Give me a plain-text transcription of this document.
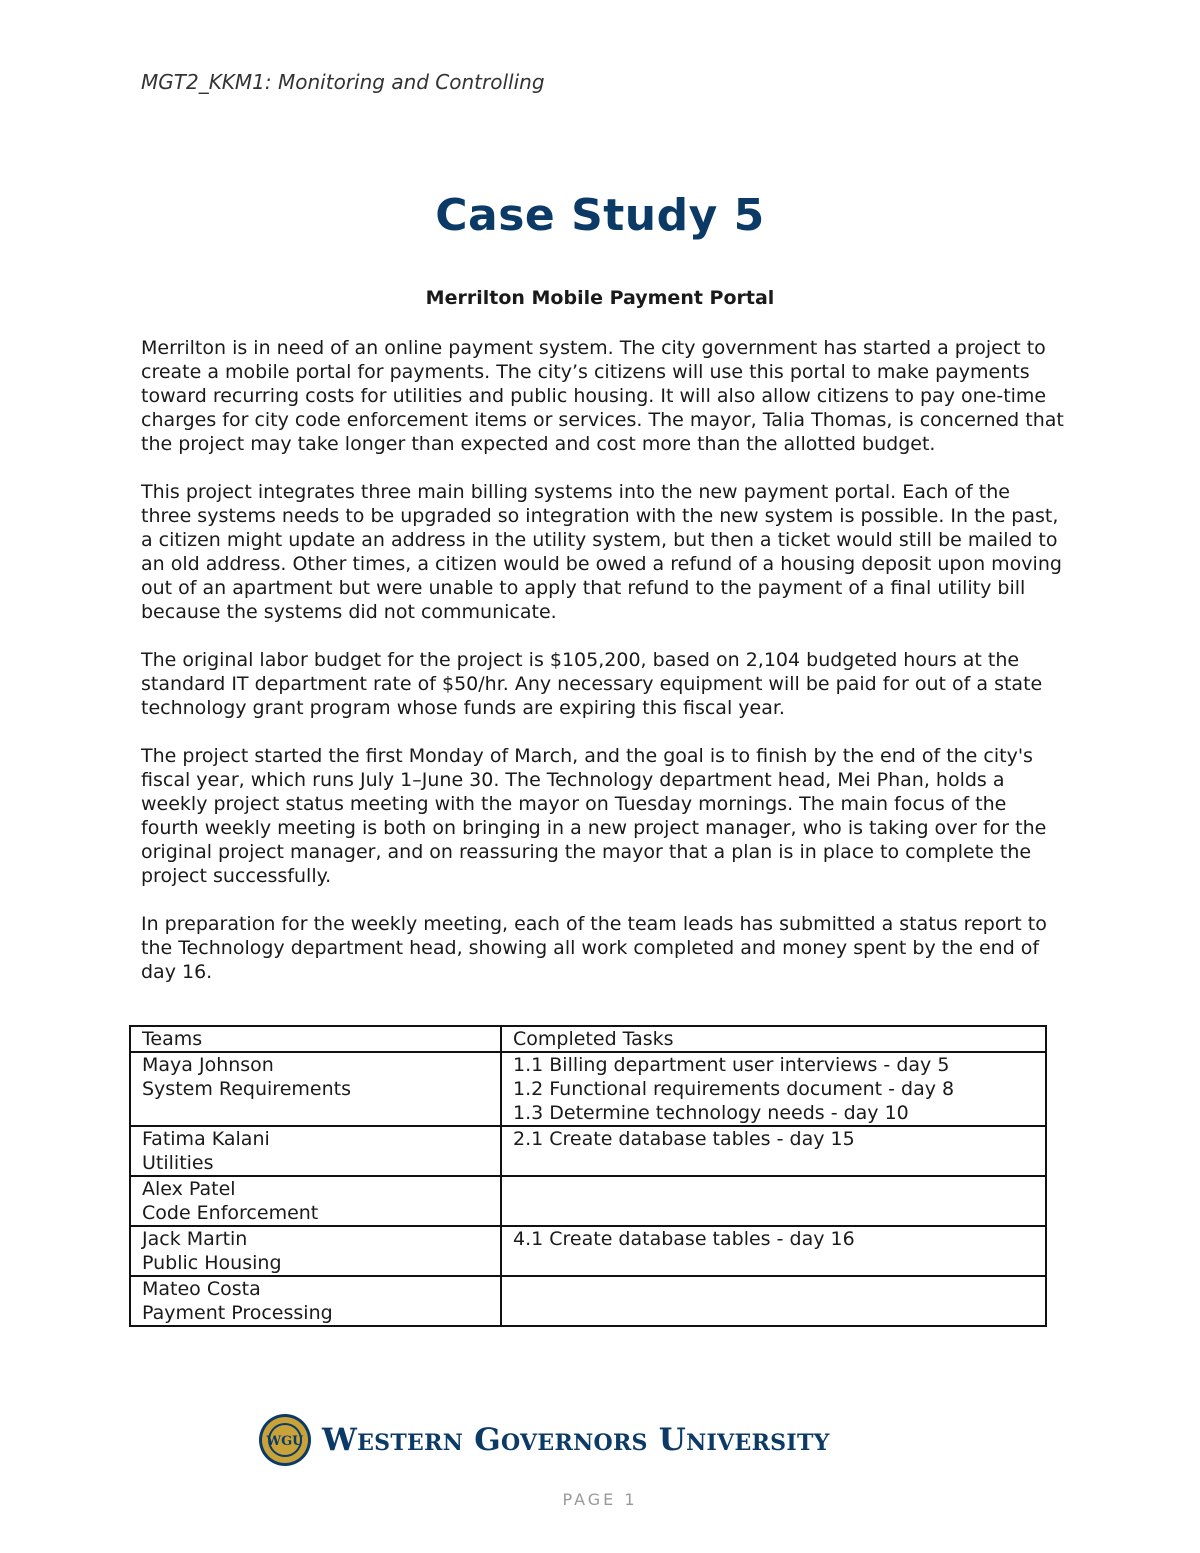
MGT2_KKM1: Monitoring and Controlling
Case Study 5
Merrilton Mobile Payment Portal

Merrilton is in need of an online payment system. The city government has started a project to create a mobile portal for payments. The city’s citizens will use this portal to make payments toward recurring costs for utilities and public housing. It will also allow citizens to pay one-time charges for city code enforcement items or services. The mayor, Talia Thomas, is concerned that the project may take longer than expected and cost more than the allotted budget.

This project integrates three main billing systems into the new payment portal. Each of the three systems needs to be upgraded so integration with the new system is possible. In the past, a citizen might update an address in the utility system, but then a ticket would still be mailed to an old address. Other times, a citizen would be owed a refund of a housing deposit upon moving out of an apartment but were unable to apply that refund to the payment of a final utility bill because the systems did not communicate.

The original labor budget for the project is $105,200, based on 2,104 budgeted hours at the standard IT department rate of $50/hr. Any necessary equipment will be paid for out of a state technology grant program whose funds are expiring this fiscal year.

The project started the first Monday of March, and the goal is to finish by the end of the city's fiscal year, which runs July 1–June 30. The Technology department head, Mei Phan, holds a weekly project status meeting with the mayor on Tuesday mornings. The main focus of the fourth weekly meeting is both on bringing in a new project manager, who is taking over for the original project manager, and on reassuring the mayor that a plan is in place to complete the project successfully.

In preparation for the weekly meeting, each of the team leads has submitted a status report to the Technology department head, showing all work completed and money spent by the end of day 16.

Teams	Completed Tasks

Maya Johnson
System Requirements	1.1 Billing department user interviews - day 5
1.2 Functional requirements document - day 8
1.3 Determine technology needs - day 10

Fatima Kalani
Utilities	2.1 Create database tables - day 15

Alex Patel
Code Enforcement	

Jack Martin
Public Housing	4.1 Create database tables - day 16

Mateo Costa
Payment Processing	

WGU Western Governors University
PAGE 1
